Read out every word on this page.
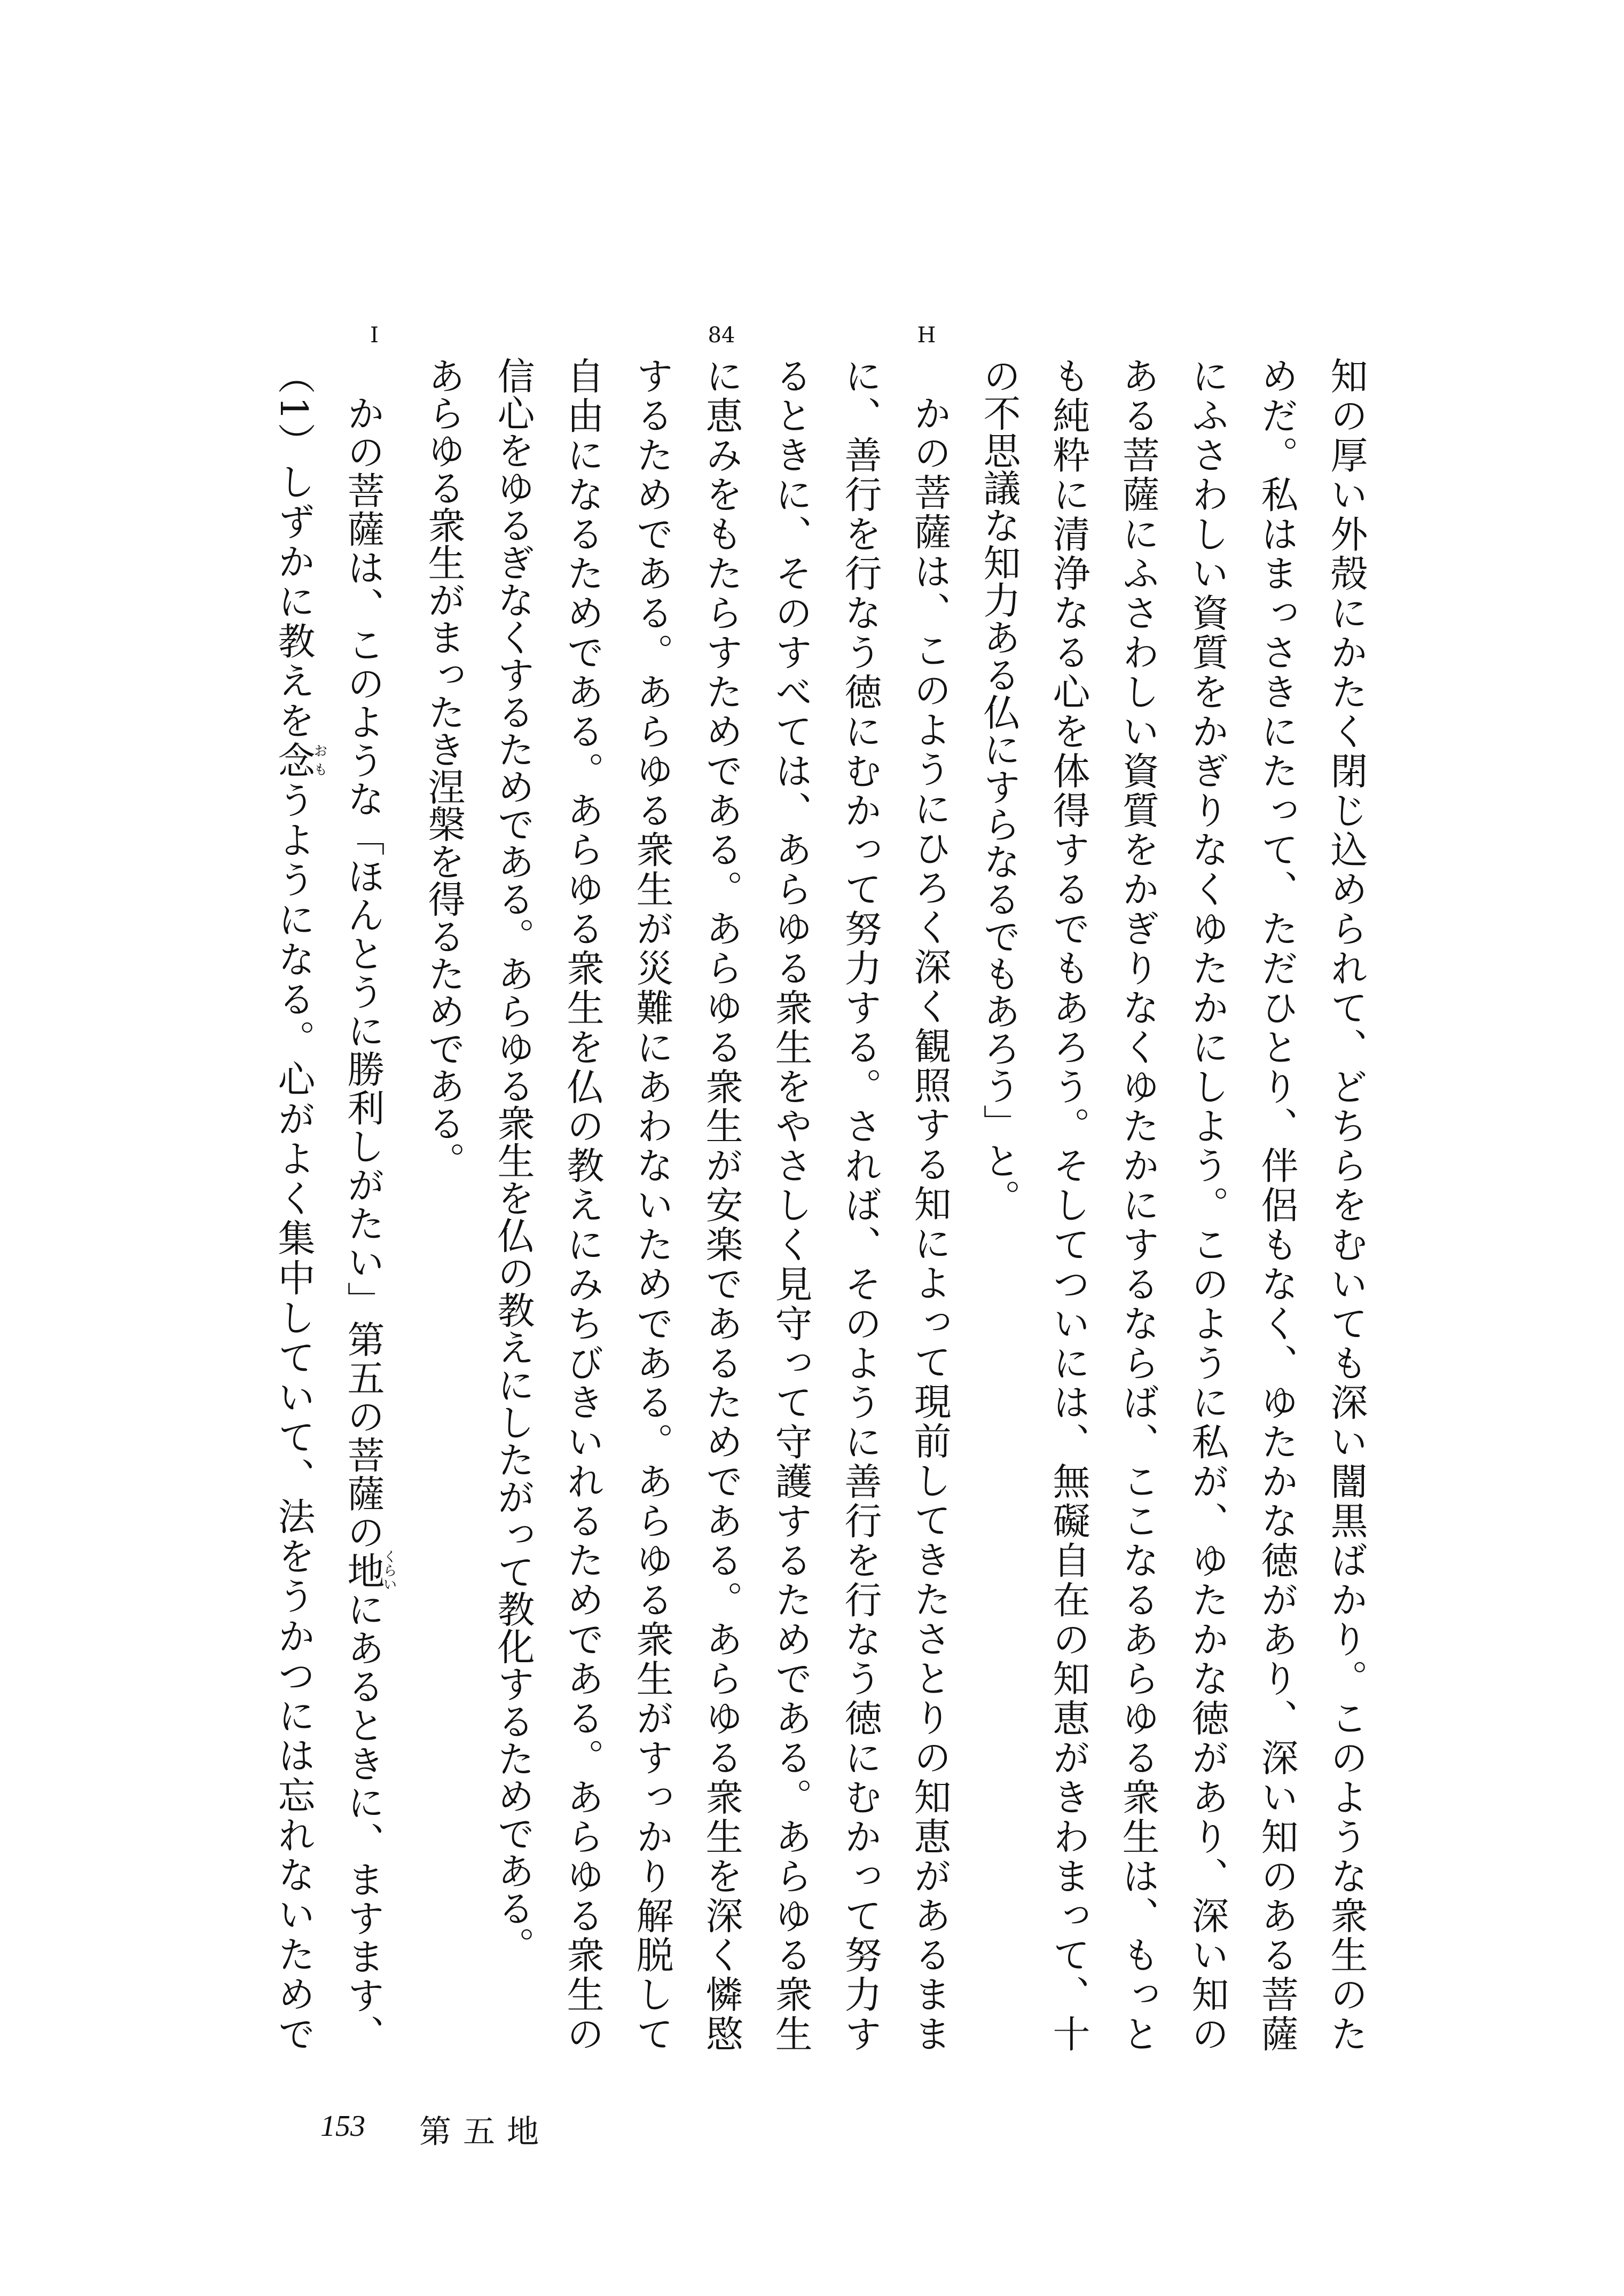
H
84
I
知の厚い外殻にかたく閉じ込められて、どちらをむいても深い闇黒ばかり。このような衆生のた
めだ。私はまっさきにたって、ただひとり、伴侶もなく、ゆたかな徳があり、深い知のある菩薩
にふさわしい資質をかぎりなくゆたかにしよう。このように私が、ゆたかな徳があり、深い知の
ある菩薩にふさわしい資質をかぎりなくゆたかにするならば、ここなるあらゆる衆生は、もっと
も純粋に清浄なる心を体得するでもあろう。そしてついには、無礙自在の知恵がきわまって、十
の不思議な知力ある仏にすらなるでもあろう」と。
かの菩薩は、このようにひろく深く観照する知によって現前してきたさとりの知恵があるまま
に、善行を行なう徳にむかって努力する。されば、そのように善行を行なう徳にむかって努力す
るときに、そのすべては、あらゆる衆生をやさしく見守って守護するためである。あらゆる衆生
に恵みをもたらすためである。あらゆる衆生が安楽であるためである。あらゆる衆生を深く憐愍
するためである。あらゆる衆生が災難にあわないためである。あらゆる衆生がすっかり解脱して
自由になるためである。あらゆる衆生を仏の教えにみちびきいれるためである。あらゆる衆生の
信心をゆるぎなくするためである。あらゆる衆生を仏の教えにしたがって教化するためである。
あらゆる衆生がまったき涅槃を得るためである。
かの菩薩は、このような「ほんとうに勝利しがたい」第五の菩薩の地くらいにあるときに、ますます、
（1）しずかに教えを念おもうようになる。心がよく集中していて、法をうかつには忘れないためで
153 第五地
